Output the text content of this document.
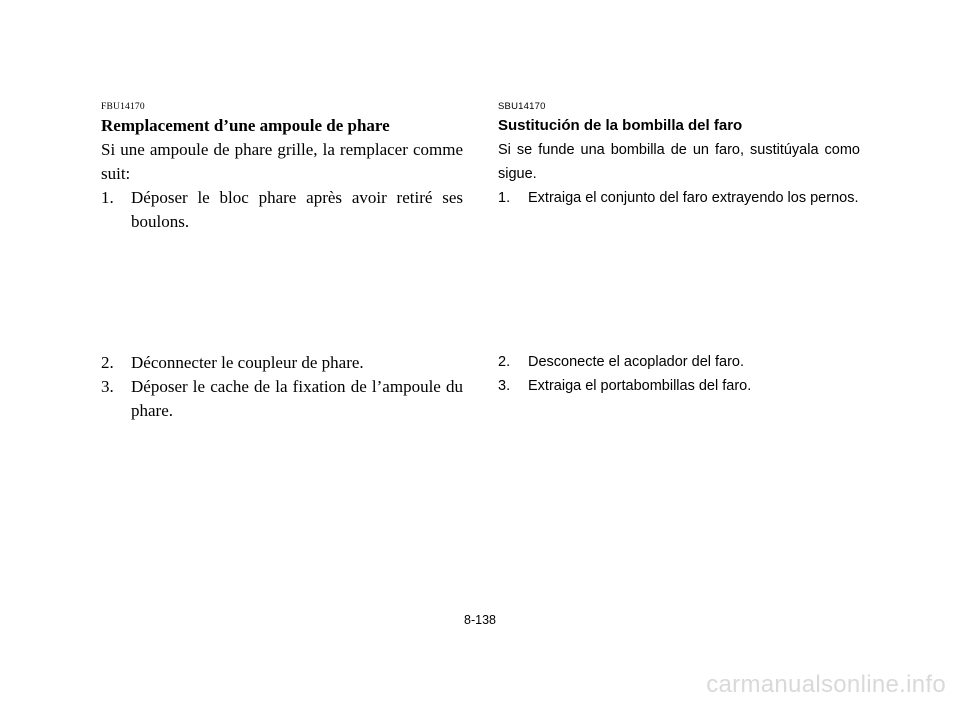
FBU14170
Remplacement d’une ampoule de phare
Si une ampoule de phare grille, la remplacer comme suit:
1.	Déposer le bloc phare après avoir retiré ses boulons.
2.	Déconnecter le coupleur de phare.
3.	Déposer le cache de la fixation de l’ampoule du phare.
SBU14170
Sustitución de la bombilla del faro
Si se funde una bombilla de un faro, sustitúyala como sigue.
1.	Extraiga el conjunto del faro extrayendo los pernos.
2.	Desconecte el acoplador del faro.
3.	Extraiga el portabombillas del faro.
8-138
carmanualsonline.info
